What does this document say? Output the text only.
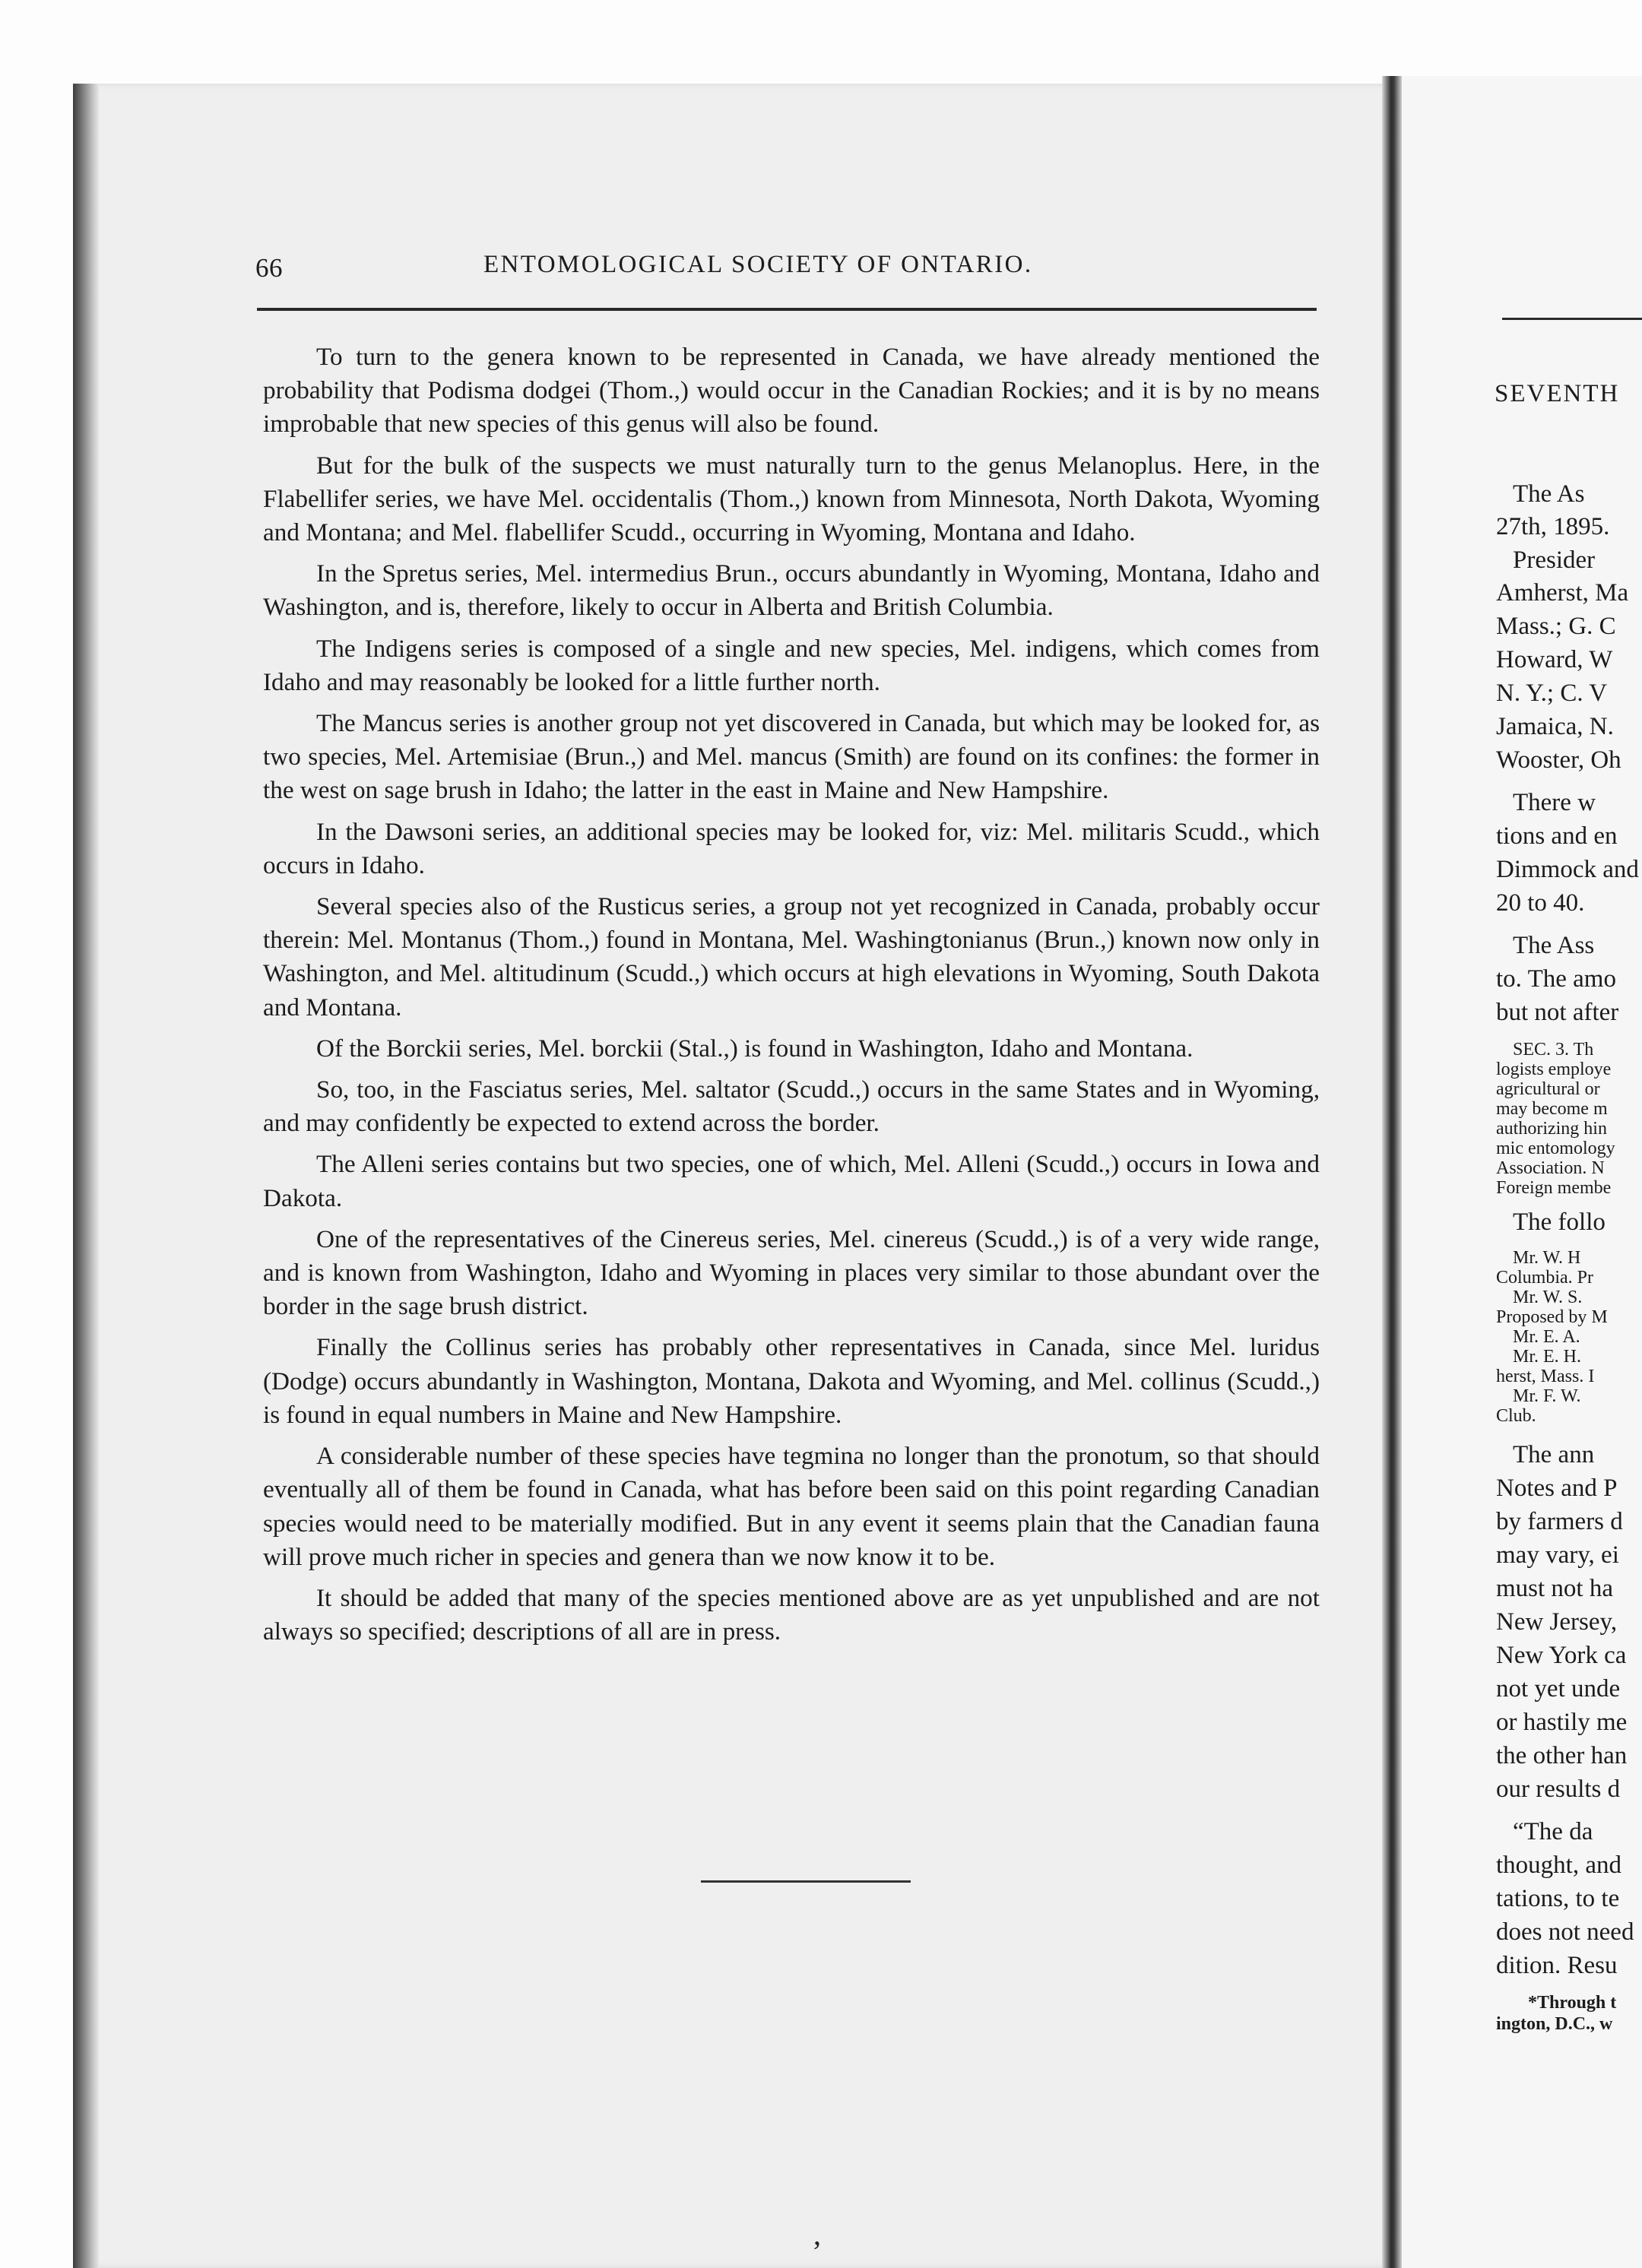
66	ENTOMOLOGICAL SOCIETY OF ONTARIO.

To turn to the genera known to be represented in Canada, we have already mentioned the probability that Podisma dodgei (Thom.,) would occur in the Canadian Rockies; and it is by no means improbable that new species of this genus will also be found.

But for the bulk of the suspects we must naturally turn to the genus Melanoplus. Here, in the Flabellifer series, we have Mel. occidentalis (Thom.,) known from Minnesota, North Dakota, Wyoming and Montana; and Mel. flabellifer Scudd., occurring in Wyoming, Montana and Idaho.

In the Spretus series, Mel. intermedius Brun., occurs abundantly in Wyoming, Montana, Idaho and Washington, and is, therefore, likely to occur in Alberta and British Columbia.

The Indigens series is composed of a single and new species, Mel. indigens, which comes from Idaho and may reasonably be looked for a little further north.

The Mancus series is another group not yet discovered in Canada, but which may be looked for, as two species, Mel. Artemisiae (Brun.,) and Mel. mancus (Smith) are found on its confines: the former in the west on sage brush in Idaho; the latter in the east in Maine and New Hampshire.

In the Dawsoni series, an additional species may be looked for, viz: Mel. militaris Scudd., which occurs in Idaho.

Several species also of the Rusticus series, a group not yet recognized in Canada, probably occur therein: Mel. Montanus (Thom.,) found in Montana, Mel. Washingtonianus (Brun.,) known now only in Washington, and Mel. altitudinum (Scudd.,) which occurs at high elevations in Wyoming, South Dakota and Montana.

Of the Borckii series, Mel. borckii (Stal.,) is found in Washington, Idaho and Montana.

So, too, in the Fasciatus series, Mel. saltator (Scudd.,) occurs in the same States and in Wyoming, and may confidently be expected to extend across the border.

The Alleni series contains but two species, one of which, Mel. Alleni (Scudd.,) occurs in Iowa and Dakota.

One of the representatives of the Cinereus series, Mel. cinereus (Scudd.,) is of a very wide range, and is known from Washington, Idaho and Wyoming in places very similar to those abundant over the border in the sage brush district.

Finally the Collinus series has probably other representatives in Canada, since Mel. luridus (Dodge) occurs abundantly in Washington, Montana, Dakota and Wyoming, and Mel. collinus (Scudd.,) is found in equal numbers in Maine and New Hampshire.

A considerable number of these species have tegmina no longer than the pronotum, so that should eventually all of them be found in Canada, what has before been said on this point regarding Canadian species would need to be materially modified. But in any event it seems plain that the Canadian fauna will prove much richer in species and genera than we now know it to be.

It should be added that many of the species mentioned above are as yet unpublished and are not always so specified; descriptions of all are in press.

‚
SEVENTH
The As
27th, 1895.
Presider
Amherst, Ma
Mass.; G. C
Howard, W
N. Y.; C. V
Jamaica, N.
Wooster, Oh
There w
tions and en
Dimmock and
20 to 40.
The Ass
to. The amo
but not after
SEC. 3. Th
logists employe
agricultural or
may become m
authorizing hin
mic entomology
Association. N
Foreign membe
The follo
Mr. W. H
Columbia. Pr
Mr. W. S.
Proposed by M
Mr. E. A.
Mr. E. H.
herst, Mass. I
Mr. F. W.
Club.
The ann
Notes and P
by farmers d
may vary, ei
must not ha
New Jersey,
New York ca
not yet unde
or hastily me
the other han
our results d
“The da
thought, and
tations, to te
does not need
dition. Resu
*Through t
ington, D.C., w
